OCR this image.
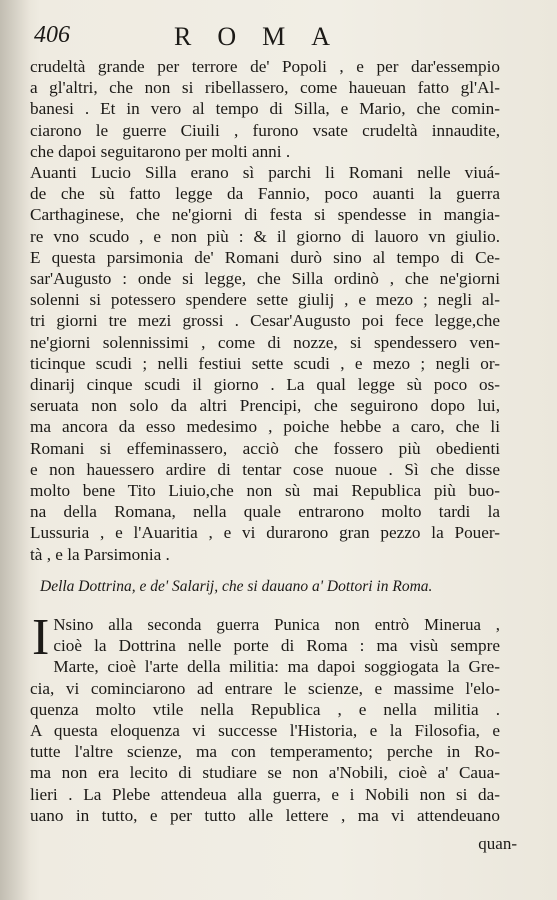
406	ROMA
crudeltà grande per terrore de' Popoli , e per dar'essempio
a gl'altri, che non si ribellassero, come haueuan fatto gl'Al-
banesi . Et in vero al tempo di Silla, e Mario, che comin-
ciarono le guerre Ciuili , furono vsate crudeltà innaudite,
che dapoi seguitarono per molti anni .
Auanti Lucio Silla erano sì parchi li Romani nelle viuá-
de che sù fatto legge da Fannio, poco auanti la guerra
Carthaginese, che ne'giorni di festa si spendesse in mangia-
re vno scudo , e non più : & il giorno di lauoro vn giulio.
E questa parsimonia de' Romani durò sino al tempo di Ce-
sar'Augusto : onde si legge, che Silla ordinò , che ne'giorni
solenni si potessero spendere sette giulij , e mezo ; negli al-
tri giorni tre mezi grossi . Cesar'Augusto poi fece legge,che
ne'giorni solennissimi , come di nozze, si spendessero ven-
ticinque scudi ; nelli festiui sette scudi , e mezo ; negli or-
dinarij cinque scudi il giorno . La qual legge sù poco os-
seruata non solo da altri Prencipi, che seguirono dopo lui,
ma ancora da esso medesimo , poiche hebbe a caro, che li
Romani si effeminassero, acciò che fossero più obedienti
e non hauessero ardire di tentar cose nuoue . Sì che disse
molto bene Tito Liuio,che non sù mai Republica più buo-
na della Romana, nella quale entrarono molto tardi la
Lussuria , e l'Auaritia , e vi durarono gran pezzo la Pouer-
tà , e la Parsimonia .

Della Dottrina, e de' Salarij, che si dauano a' Dottori in Roma.
I Nsino alla seconda guerra Punica non entrò Minerua ,
cioè la Dottrina nelle porte di Roma : ma visù sempre
Marte, cioè l'arte della militia: ma dapoi soggiogata la Gre-
cia, vi cominciarono ad entrare le scienze, e massime l'elo-
quenza molto vtile nella Republica , e nella militia .
A questa eloquenza vi successe l'Historia, e la Filosofia, e
tutte l'altre scienze, ma con temperamento; perche in Ro-
ma non era lecito di studiare se non a'Nobili, cioè a' Caua-
lieri . La Plebe attendeua alla guerra, e i Nobili non si da-
uano in tutto, e per tutto alle lettere , ma vi attendeuano
quan-
